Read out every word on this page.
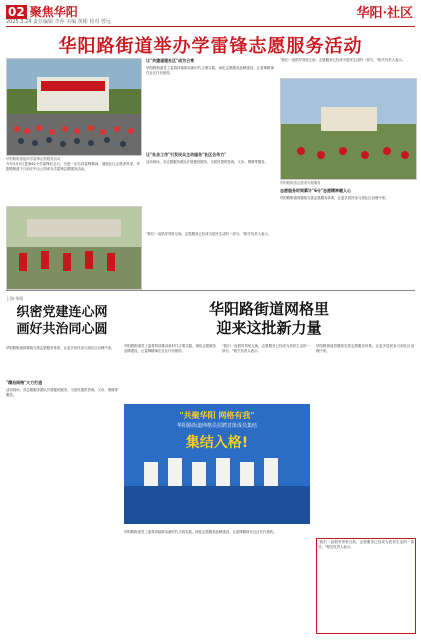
02 聚焦华阳
2025.3.24 责任编辑 李萍 美编 黄彬 校对 曾远
华阳·社区
华阳路街道举办学雷锋志愿服务活动
华阳路街道组织学雷锋志愿服务活动
今年3月5日是第62个学雷锋纪念日，为进一步弘扬雷锋精神，展现社区志愿者风采，华阳路街道于日前在中山公园举办学雷锋志愿服务活动。
让"共建道理社区"成为日常
华阳路街道党工委将持续推动新时代文明实践，深化志愿服务品牌建设，让雷锋精神在社区代代相传。
让"社会工作"引发民众主动服务"社区合作力"
活动现场，各志愿服务团队开展便民服务，为居民提供咨询、义诊、维修等服务。
"我们一直倡导邻里互助，志愿服务已经成为居民生活的一部分。"相关负责人表示。
"我们一直倡导邻里互助，志愿服务已经成为居民生活的一部分。"相关负责人表示。
华阳路街道志愿者开展服务
志愿服务时间累计"6分"志愿精神暖人心
华阳路街道将继续完善志愿服务体系，让更多居民参与到社区治理中来。
上海·华阳
织密党建连心网
画好共治同心圆
"精治网格"大力打造
华阳路街道将继续完善志愿服务体系，让更多居民参与到社区治理中来。
活动现场，各志愿服务团队开展便民服务，为居民提供咨询、义诊、维修等服务。
华阳路街道网格里
迎来这批新力量
华阳路街道党工委将持续推动新时代文明实践，深化志愿服务品牌建设，让雷锋精神在社区代代相传。
"我们一直倡导邻里互助，志愿服务已经成为居民生活的一部分。"相关负责人表示。
华阳路街道将继续完善志愿服务体系，让更多居民参与到社区治理中来。
"共聚华阳 网格有我"
华阳路街道网格员招聘首批成员集结
集结入格!
华阳路街道党工委将持续推动新时代文明实践，深化志愿服务品牌建设，让雷锋精神在社区代代相传。
"我们一直倡导邻里互助，志愿服务已经成为居民生活的一部分。"相关负责人表示。
